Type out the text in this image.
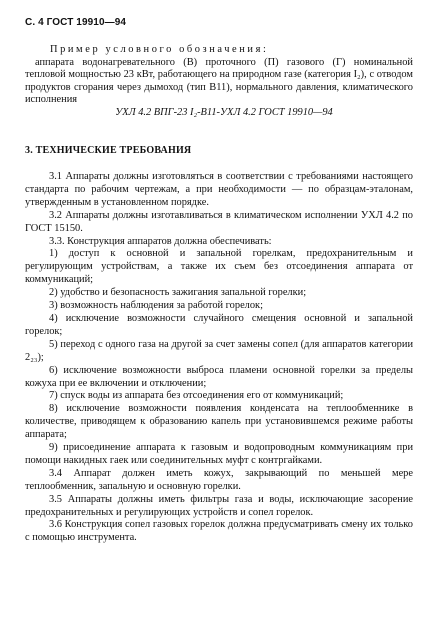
С. 4 ГОСТ 19910—94

Пример условного обозначения:

аппарата водонагревательного (В) проточного (П) газового (Г) номинальной тепловой мощностью 23 кВт, работающего на природном газе (категория I₂), с отводом продуктов сгорания через дымоход (тип B11), нормального давления, климатического исполнения

УХЛ 4.2 ВПГ-23 I₂-B11-УХЛ 4.2 ГОСТ 19910—94

3. ТЕХНИЧЕСКИЕ ТРЕБОВАНИЯ

3.1 Аппараты должны изготовляться в соответствии с требованиями настоящего стандарта по рабочим чертежам, а при необходимости — по образцам-эталонам, утвержденным в установленном порядке.

3.2 Аппараты должны изготавливаться в климатическом исполнении УХЛ 4.2 по ГОСТ 15150.

3.3. Конструкция аппаратов должна обеспечивать:

1) доступ к основной и запальной горелкам, предохранительным и регулирующим устройствам, а также их съем без отсоединения аппарата от коммуникаций;

2) удобство и безопасность зажигания запальной горелки;

3) возможность наблюдения за работой горелок;

4) исключение возможности случайного смещения основной и запальной горелок;

5) переход с одного газа на другой за счет замены сопел (для аппаратов категории 2₂₃);

6) исключение возможности выброса пламени основной горелки за пределы кожуха при ее включении и отключении;

7) спуск воды из аппарата без отсоединения его от коммуникаций;

8) исключение возможности появления конденсата на теплообменнике в количестве, приводящем к образованию капель при установившемся режиме работы аппарата;

9) присоединение аппарата к газовым и водопроводным коммуникациям при помощи накидных гаек или соединительных муфт с контргайками.

3.4 Аппарат должен иметь кожух, закрывающий по меньшей мере теплообменник, запальную и основную горелки.

3.5 Аппараты должны иметь фильтры газа и воды, исключающие засорение предохранительных и регулирующих устройств и сопел горелок.

3.6 Конструкция сопел газовых горелок должна предусматривать смену их только с помощью инструмента.
